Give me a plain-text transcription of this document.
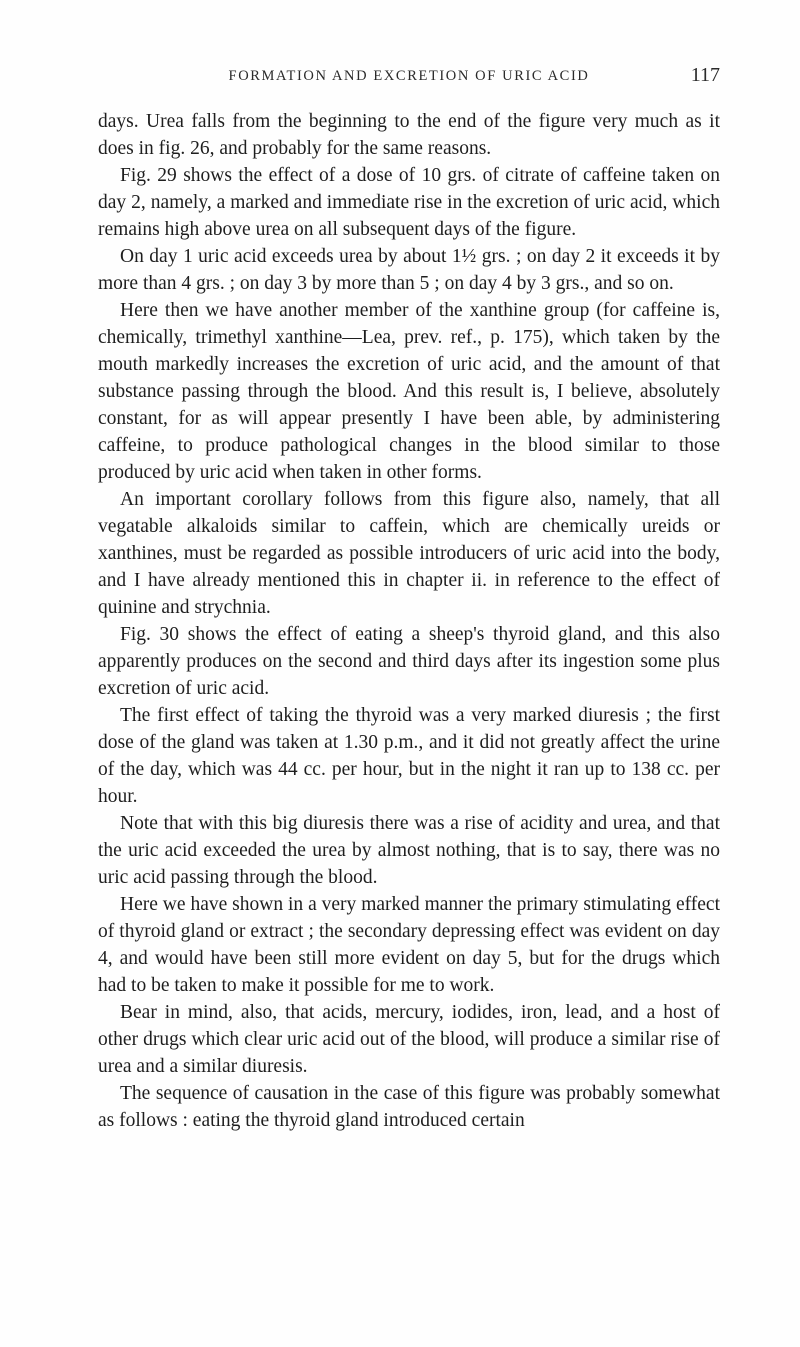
FORMATION AND EXCRETION OF URIC ACID	117

days. Urea falls from the beginning to the end of the figure very much as it does in fig. 26, and probably for the same reasons.

Fig. 29 shows the effect of a dose of 10 grs. of citrate of caffeine taken on day 2, namely, a marked and immediate rise in the excretion of uric acid, which remains high above urea on all subsequent days of the figure.

On day 1 uric acid exceeds urea by about 1½ grs. ; on day 2 it exceeds it by more than 4 grs. ; on day 3 by more than 5 ; on day 4 by 3 grs., and so on.

Here then we have another member of the xanthine group (for caffeine is, chemically, trimethyl xanthine—Lea, prev. ref., p. 175), which taken by the mouth markedly increases the excretion of uric acid, and the amount of that substance passing through the blood. And this result is, I believe, absolutely constant, for as will appear presently I have been able, by administering caffeine, to produce pathological changes in the blood similar to those produced by uric acid when taken in other forms.

An important corollary follows from this figure also, namely, that all vegatable alkaloids similar to caffein, which are chemically ureids or xanthines, must be regarded as possible introducers of uric acid into the body, and I have already mentioned this in chapter ii. in reference to the effect of quinine and strychnia.

Fig. 30 shows the effect of eating a sheep's thyroid gland, and this also apparently produces on the second and third days after its ingestion some plus excretion of uric acid.

The first effect of taking the thyroid was a very marked diuresis ; the first dose of the gland was taken at 1.30 p.m., and it did not greatly affect the urine of the day, which was 44 cc. per hour, but in the night it ran up to 138 cc. per hour.

Note that with this big diuresis there was a rise of acidity and urea, and that the uric acid exceeded the urea by almost nothing, that is to say, there was no uric acid passing through the blood.

Here we have shown in a very marked manner the primary stimulating effect of thyroid gland or extract ; the secondary depressing effect was evident on day 4, and would have been still more evident on day 5, but for the drugs which had to be taken to make it possible for me to work.

Bear in mind, also, that acids, mercury, iodides, iron, lead, and a host of other drugs which clear uric acid out of the blood, will produce a similar rise of urea and a similar diuresis.

The sequence of causation in the case of this figure was probably somewhat as follows : eating the thyroid gland introduced certain
